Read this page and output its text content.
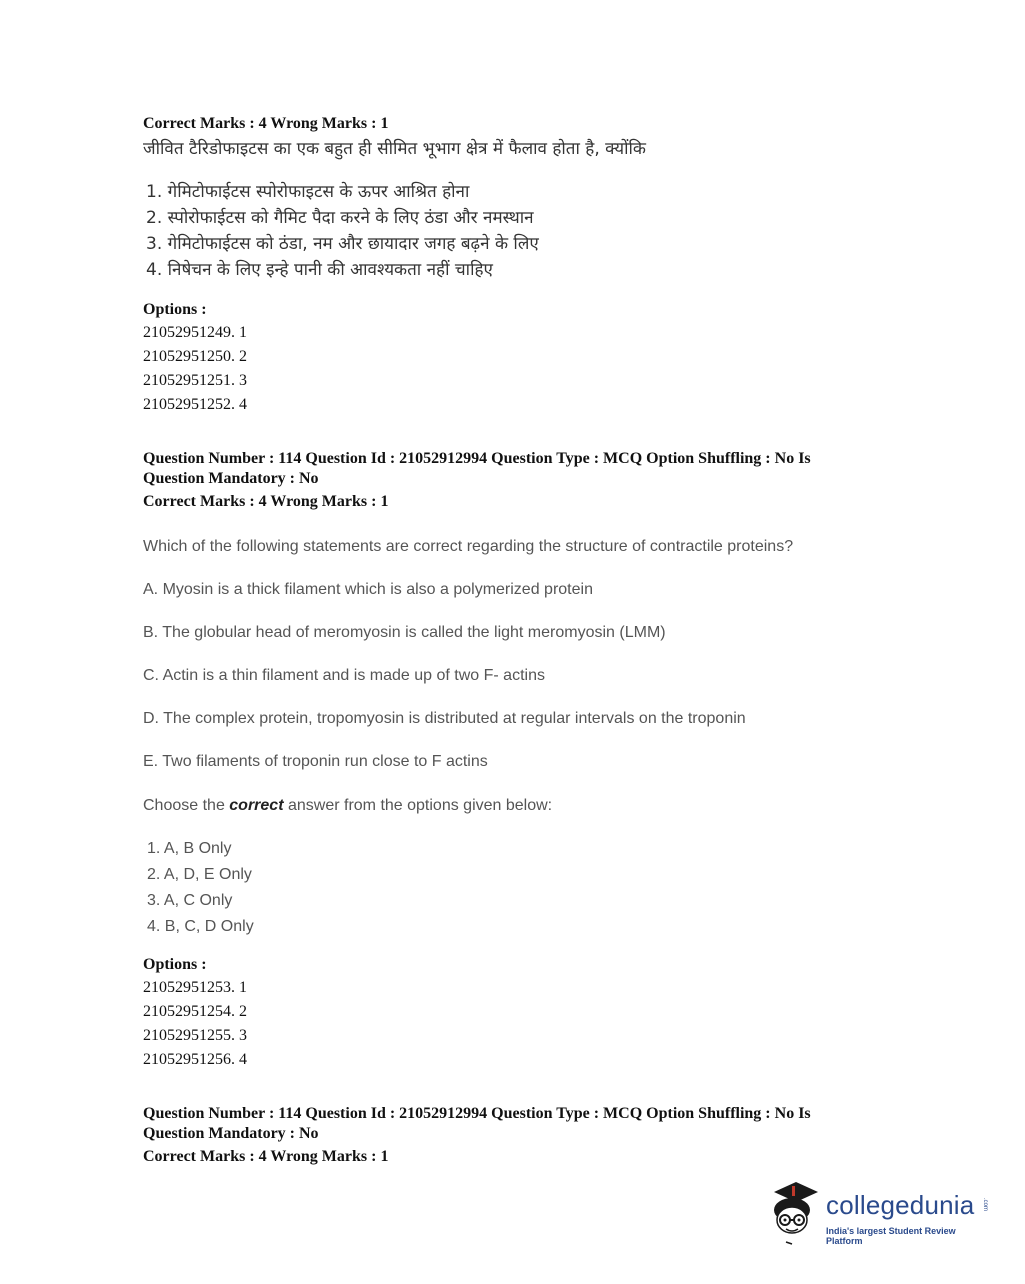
Correct Marks : 4 Wrong Marks : 1
जीवित टैरिडोफाइटस का एक बहुत ही सीमित भूभाग क्षेत्र में फैलाव होता है, क्योंकि
1. गेमिटोफाईटस स्पोरोफाइटस के ऊपर आश्रित होना
2. स्पोरोफाईटस को गैमिट पैदा करने के लिए ठंडा और नमस्थान
3. गेमिटोफाईटस को ठंडा, नम और छायादार जगह बढ़ने के लिए
4. निषेचन के लिए इन्हे पानी की आवश्यकता नहीं चाहिए
Options :
21052951249. 1
21052951250. 2
21052951251. 3
21052951252. 4
Question Number : 114 Question Id : 21052912994 Question Type : MCQ Option Shuffling : No Is
Question Mandatory : No
Correct Marks : 4 Wrong Marks : 1
Which of the following statements are correct regarding the structure of contractile proteins?
A. Myosin is a thick filament which is also a polymerized protein
B. The globular head of meromyosin is called the light meromyosin (LMM)
C. Actin is a thin filament and is made up of two F- actins
D. The complex protein, tropomyosin is distributed at regular intervals on the troponin
E. Two filaments of troponin run close to F actins
Choose the correct answer from the options given below:
1. A, B Only
2. A, D, E Only
3. A, C Only
4. B, C, D Only
Options :
21052951253. 1
21052951254. 2
21052951255. 3
21052951256. 4
Question Number : 114 Question Id : 21052912994 Question Type : MCQ Option Shuffling : No Is
Question Mandatory : No
Correct Marks : 4 Wrong Marks : 1
collegedunia .com
India's largest Student Review Platform
